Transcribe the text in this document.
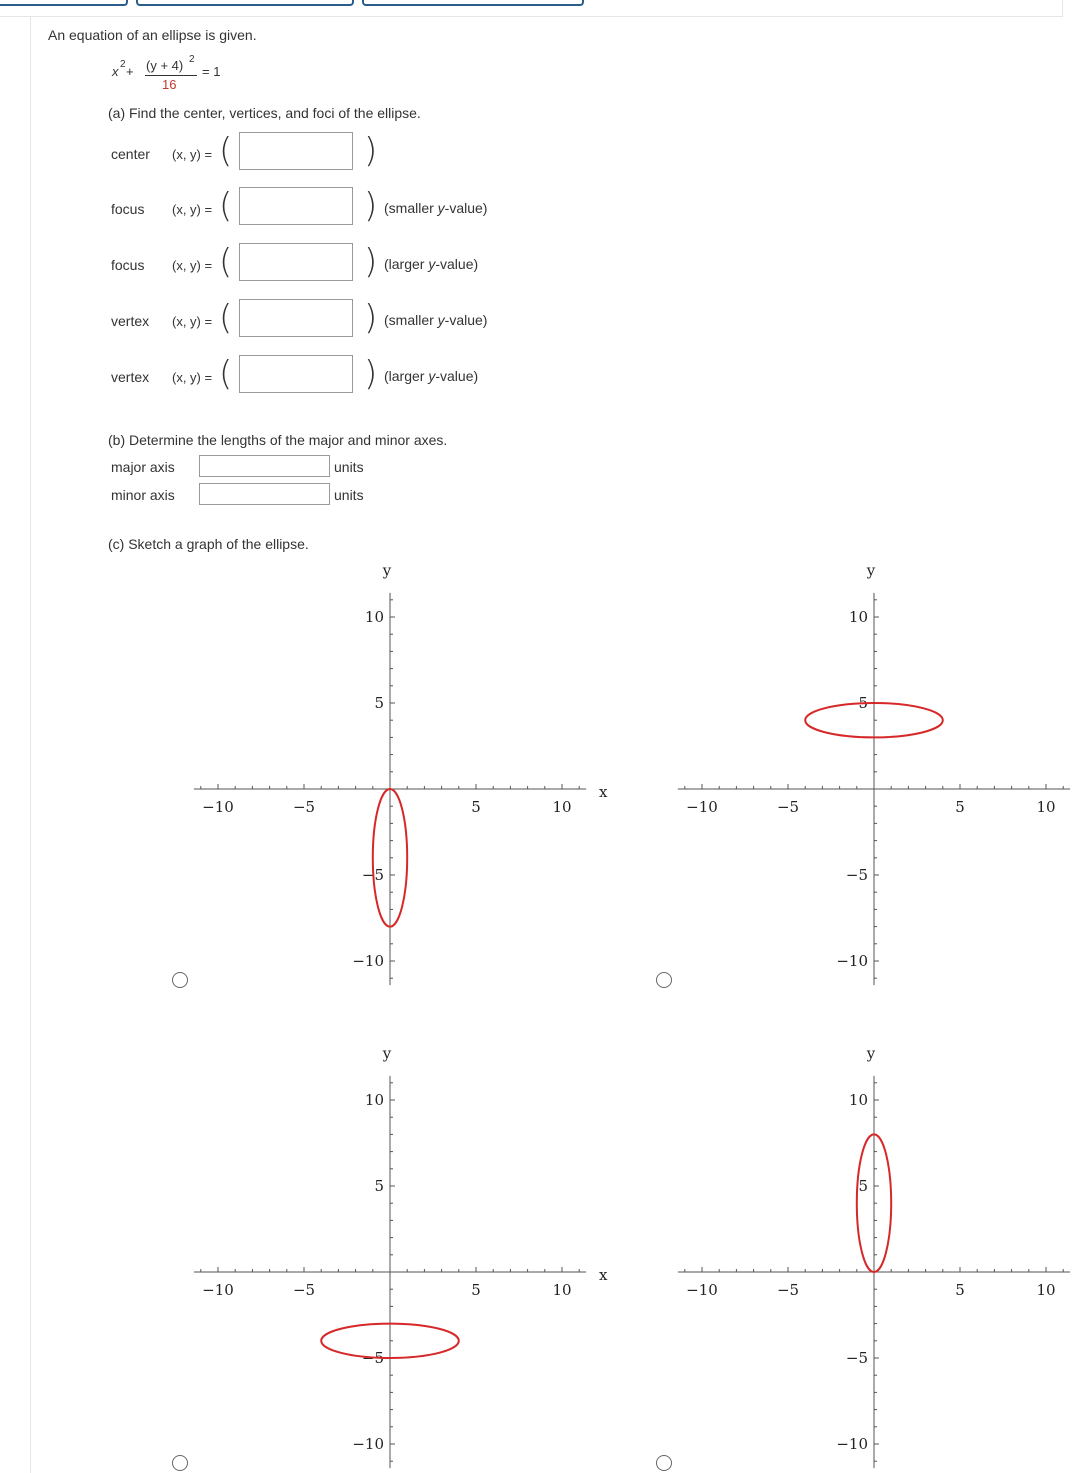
An equation of an ellipse is given.
x 2 + (y + 4) 2
16
= 1
(a) Find the center, vertices, and foci of the ellipse.
center (x, y) = (	)
focus (x, y) = (	) (smaller y-value)
focus (x, y) = (	) (larger y-value)
vertex (x, y) = (	) (smaller y-value)
vertex (x, y) = (	) (larger y-value)
(b) Determine the lengths of the major and minor axes.
major axis	units
minor axis	units
(c) Sketch a graph of the ellipse.
−10	−5	5	10
10
5
−5
−10
y
x
−10	−5	5	10
10
5
−5
−10
y
−10	−5	5	10
10
5
−5
−10
y
x
−10	−5	5	10
10
5
−5
−10
y
